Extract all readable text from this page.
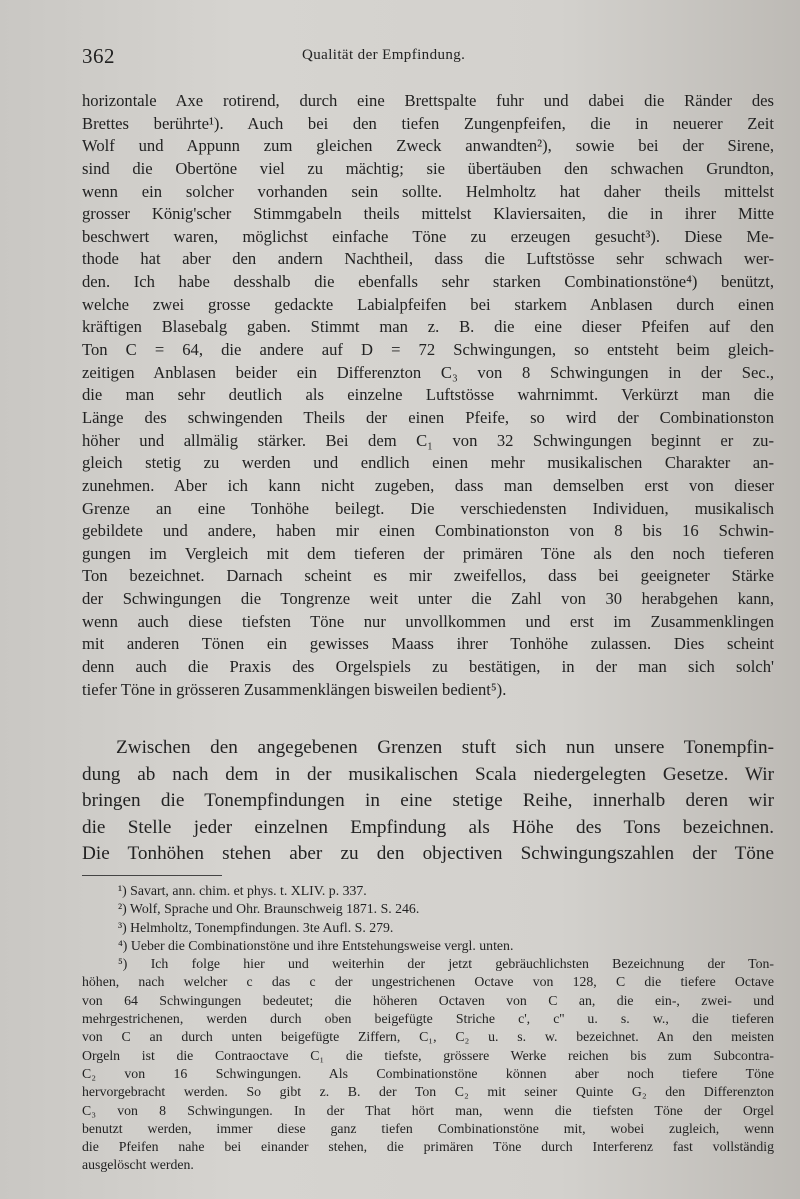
362	Qualität der Empfindung.
horizontale Axe rotirend, durch eine Brettspalte fuhr und dabei die Ränder des
Brettes berührte¹). Auch bei den tiefen Zungenpfeifen, die in neuerer Zeit
Wolf und Appunn zum gleichen Zweck anwandten²), sowie bei der Sirene,
sind die Obertöne viel zu mächtig; sie übertäuben den schwachen Grundton,
wenn ein solcher vorhanden sein sollte. Helmholtz hat daher theils mittelst
grosser König'scher Stimmgabeln theils mittelst Klaviersaiten, die in ihrer Mitte
beschwert waren, möglichst einfache Töne zu erzeugen gesucht³). Diese Me-
thode hat aber den andern Nachtheil, dass die Luftstösse sehr schwach wer-
den. Ich habe desshalb die ebenfalls sehr starken Combinationstöne⁴) benützt,
welche zwei grosse gedackte Labialpfeifen bei starkem Anblasen durch einen
kräftigen Blasebalg gaben. Stimmt man z. B. die eine dieser Pfeifen auf den
Ton C = 64, die andere auf D = 72 Schwingungen, so entsteht beim gleich-
zeitigen Anblasen beider ein Differenzton C₃ von 8 Schwingungen in der Sec.,
die man sehr deutlich als einzelne Luftstösse wahrnimmt. Verkürzt man die
Länge des schwingenden Theils der einen Pfeife, so wird der Combinationston
höher und allmälig stärker. Bei dem C₁ von 32 Schwingungen beginnt er zu-
gleich stetig zu werden und endlich einen mehr musikalischen Charakter an-
zunehmen. Aber ich kann nicht zugeben, dass man demselben erst von dieser
Grenze an eine Tonhöhe beilegt. Die verschiedensten Individuen, musikalisch
gebildete und andere, haben mir einen Combinationston von 8 bis 16 Schwin-
gungen im Vergleich mit dem tieferen der primären Töne als den noch tieferen
Ton bezeichnet. Darnach scheint es mir zweifellos, dass bei geeigneter Stärke
der Schwingungen die Tongrenze weit unter die Zahl von 30 herabgehen kann,
wenn auch diese tiefsten Töne nur unvollkommen und erst im Zusammenklingen
mit anderen Tönen ein gewisses Maass ihrer Tonhöhe zulassen. Dies scheint
denn auch die Praxis des Orgelspiels zu bestätigen, in der man sich solch'
tiefer Töne in grösseren Zusammenklängen bisweilen bedient⁵).
Zwischen den angegebenen Grenzen stuft sich nun unsere Tonempfin-
dung ab nach dem in der musikalischen Scala niedergelegten Gesetze. Wir
bringen die Tonempfindungen in eine stetige Reihe, innerhalb deren wir
die Stelle jeder einzelnen Empfindung als Höhe des Tons bezeichnen.
Die Tonhöhen stehen aber zu den objectiven Schwingungszahlen der Töne
¹) Savart, ann. chim. et phys. t. XLIV. p. 337.
²) Wolf, Sprache und Ohr. Braunschweig 1871. S. 246.
³) Helmholtz, Tonempfindungen. 3te Aufl. S. 279.
⁴) Ueber die Combinationstöne und ihre Entstehungsweise vergl. unten.
⁵) Ich folge hier und weiterhin der jetzt gebräuchlichsten Bezeichnung der Ton-
höhen, nach welcher c das c der ungestrichenen Octave von 128, C die tiefere Octave
von 64 Schwingungen bedeutet; die höheren Octaven von C an, die ein-, zwei- und
mehrgestrichenen, werden durch oben beigefügte Striche c', c'' u. s. w., die tieferen
von C an durch unten beigefügte Ziffern, C₁, C₂ u. s. w. bezeichnet. An den meisten
Orgeln ist die Contraoctave C₁ die tiefste, grössere Werke reichen bis zum Subcontra-
C₂ von 16 Schwingungen. Als Combinationstöne können aber noch tiefere Töne
hervorgebracht werden. So gibt z. B. der Ton C₂ mit seiner Quinte G₂ den Differenzton
C₃ von 8 Schwingungen. In der That hört man, wenn die tiefsten Töne der Orgel
benutzt werden, immer diese ganz tiefen Combinationstöne mit, wobei zugleich, wenn
die Pfeifen nahe bei einander stehen, die primären Töne durch Interferenz fast vollständig
ausgelöscht werden.
